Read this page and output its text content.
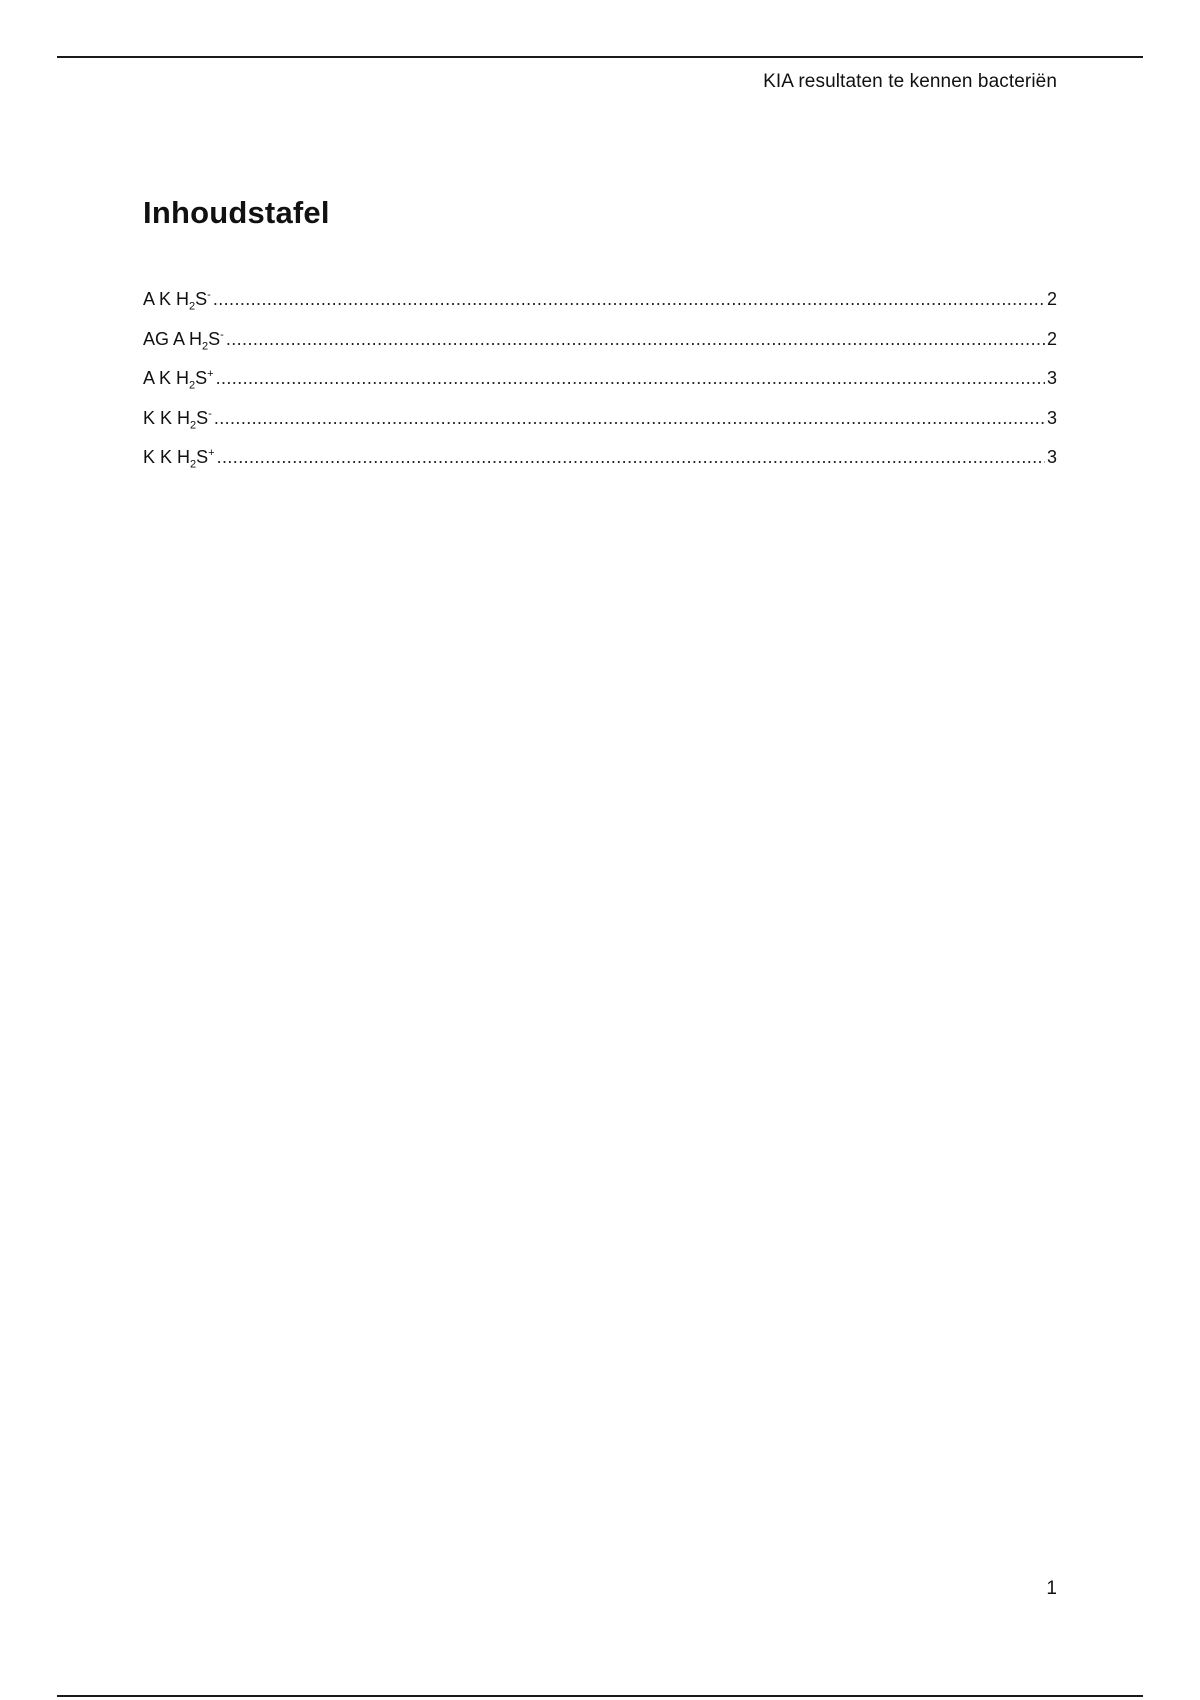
KIA resultaten te kennen bacteriën
Inhoudstafel
A K $H_2S^-$ .....	2
AG A $H_2S^-$ .....	2
A K $H_2S^+$ .....	3
K K $H_2S^-$ .....	3
K K $H_2S^+$ .....	3
1
